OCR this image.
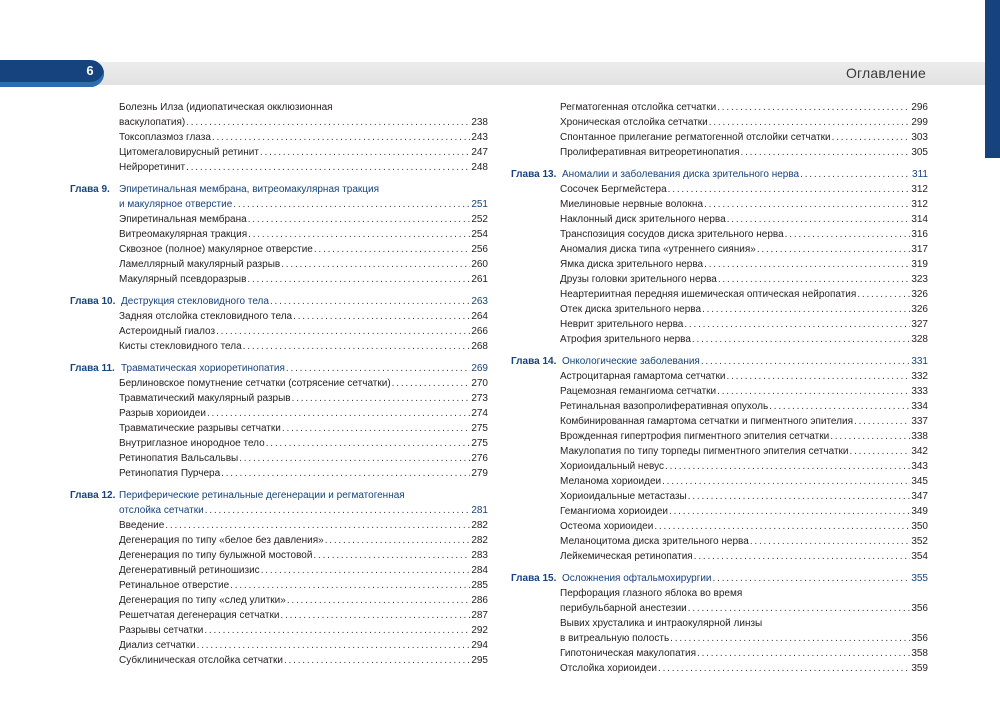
6	Оглавление
Болезнь Илза (идиопатическая окклюзионная
васкулопатия) .....	238
Токсоплазмоз глаза .....	243
Цитомегаловирусный ретинит .....	247
Нейроретинит .....	248
Глава 9. Эпиретинальная мембрана, витреомакулярная тракция
и макулярное отверстие .....	251
Эпиретинальная мембрана .....	252
Витреомакулярная тракция .....	254
Сквозное (полное) макулярное отверстие .....	256
Ламеллярный макулярный разрыв .....	260
Макулярный псевдоразрыв .....	261
Глава 10. Деструкция стекловидного тела .....	263
Задняя отслойка стекловидного тела .....	264
Астероидный гиалоз .....	266
Кисты стекловидного тела .....	268
Глава 11. Травматическая хориоретинопатия .....	269
Берлиновское помутнение сетчатки (сотрясение сетчатки) .....	270
Травматический макулярный разрыв .....	273
Разрыв хориоидеи .....	274
Травматические разрывы сетчатки .....	275
Внутриглазное инородное тело .....	275
Ретинопатия Вальсальвы .....	276
Ретинопатия Пурчера .....	279
Глава 12. Периферические ретинальные дегенерации и регматогенная
отслойка сетчатки .....	281
Введение .....	282
Дегенерация по типу «белое без давления» .....	282
Дегенерация по типу булыжной мостовой .....	283
Дегенеративный ретиношизис .....	284
Ретинальное отверстие .....	285
Дегенерация по типу «след улитки» .....	286
Решетчатая дегенерация сетчатки .....	287
Разрывы сетчатки .....	292
Диализ сетчатки .....	294
Субклиническая отслойка сетчатки .....	295
Регматогенная отслойка сетчатки .....	296
Хроническая отслойка сетчатки .....	299
Спонтанное прилегание регматогенной отслойки сетчатки .....	303
Пролиферативная витреоретинопатия .....	305
Глава 13. Аномалии и заболевания диска зрительного нерва .....	311
Сосочек Бергмейстера .....	312
Миелиновые нервные волокна .....	312
Наклонный диск зрительного нерва .....	314
Транспозиция сосудов диска зрительного нерва .....	316
Аномалия диска типа «утреннего сияния» .....	317
Ямка диска зрительного нерва .....	319
Друзы головки зрительного нерва .....	323
Неартериитная передняя ишемическая оптическая нейропатия .....	326
Отек диска зрительного нерва .....	326
Неврит зрительного нерва .....	327
Атрофия зрительного нерва .....	328
Глава 14. Онкологические заболевания .....	331
Астроцитарная гамартома сетчатки .....	332
Рацемозная гемангиома сетчатки .....	333
Ретинальная вазопролиферативная опухоль .....	334
Комбинированная гамартома сетчатки и пигментного эпителия .....	337
Врожденная гипертрофия пигментного эпителия сетчатки .....	338
Макулопатия по типу торпеды пигментного эпителия сетчатки .....	342
Хориоидальный невус .....	343
Меланома хориоидеи .....	345
Хориоидальные метастазы .....	347
Гемангиома хориоидеи .....	349
Остеома хориоидеи .....	350
Меланоцитома диска зрительного нерва .....	352
Лейкемическая ретинопатия .....	354
Глава 15. Осложнения офтальмохирургии .....	355
Перфорация глазного яблока во время
перибульбарной анестезии .....	356
Вывих хрусталика и интраокулярной линзы
в витреальную полость .....	356
Гипотоническая макулопатия .....	358
Отслойка хориоидеи .....	359
